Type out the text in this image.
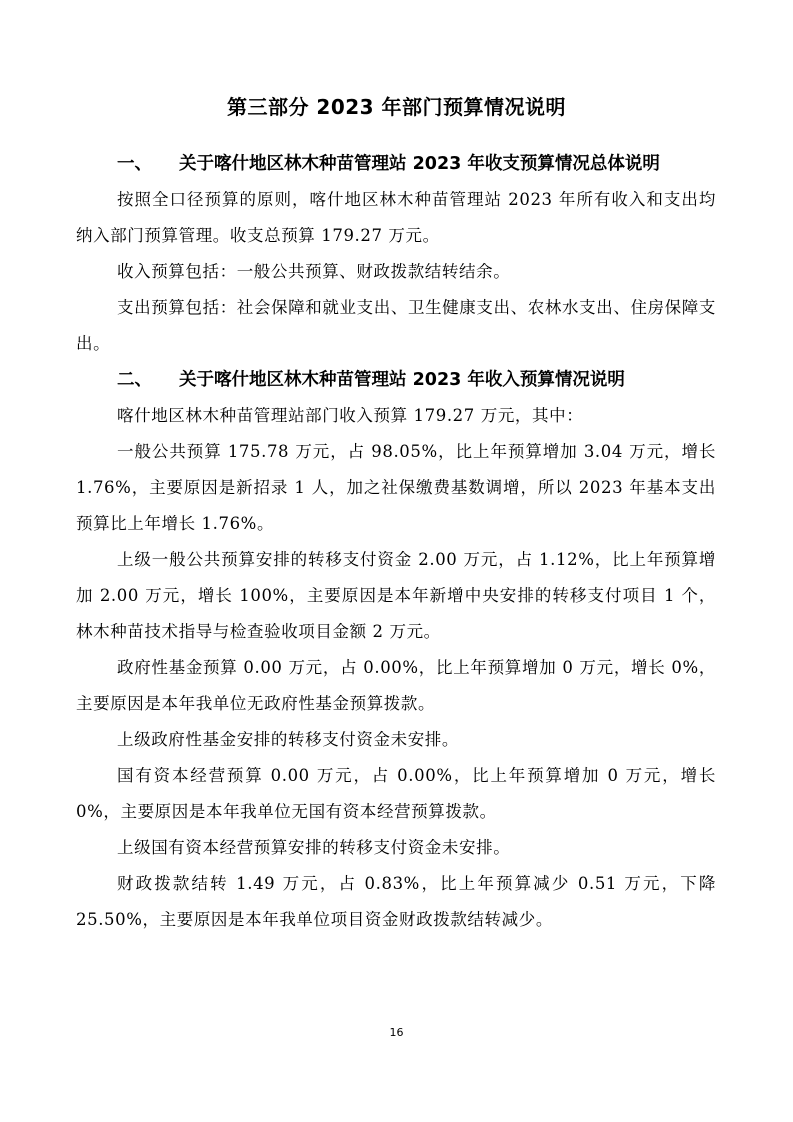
第三部分 2023 年部门预算情况说明
一、 关于喀什地区林木种苗管理站 2023 年收支预算情况总体说明

按照全口径预算的原则，喀什地区林木种苗管理站 2023 年所有收入和支出均纳入部门预算管理。收支总预算 179.27 万元。

收入预算包括：一般公共预算、财政拨款结转结余。

支出预算包括：社会保障和就业支出、卫生健康支出、农林水支出、住房保障支出。

二、 关于喀什地区林木种苗管理站 2023 年收入预算情况说明

喀什地区林木种苗管理站部门收入预算 179.27 万元，其中：

一般公共预算 175.78 万元，占 98.05%，比上年预算增加 3.04 万元，增长 1.76%，主要原因是新招录 1 人，加之社保缴费基数调增，所以 2023 年基本支出预算比上年增长 1.76%。

上级一般公共预算安排的转移支付资金 2.00 万元，占 1.12%，比上年预算增加 2.00 万元，增长 100%，主要原因是本年新增中央安排的转移支付项目 1 个，林木种苗技术指导与检查验收项目金额 2 万元。

政府性基金预算 0.00 万元，占 0.00%，比上年预算增加 0 万元，增长 0%，主要原因是本年我单位无政府性基金预算拨款。

上级政府性基金安排的转移支付资金未安排。

国有资本经营预算 0.00 万元，占 0.00%，比上年预算增加 0 万元，增长 0%，主要原因是本年我单位无国有资本经营预算拨款。

上级国有资本经营预算安排的转移支付资金未安排。

财政拨款结转 1.49 万元，占 0.83%，比上年预算减少 0.51 万元，下降 25.50%，主要原因是本年我单位项目资金财政拨款结转减少。

16
